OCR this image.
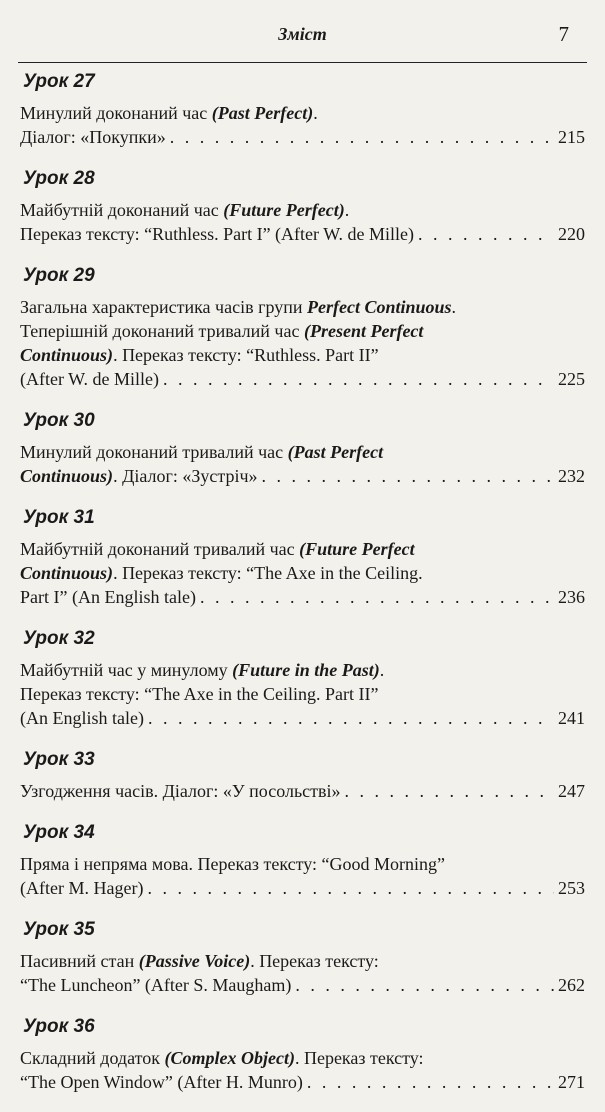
Зміст	7
Урок 27
Минулий доконаний час (Past Perfect).
Діалог: «Покупки» . . .	215
Урок 28
Майбутній доконаний час (Future Perfect).
Переказ тексту: “Ruthless. Part I” (After W. de Mille) . . .	220
Урок 29
Загальна характеристика часів групи Perfect Continuous.
Теперішній доконаний тривалий час (Present Perfect
Continuous). Переказ тексту: “Ruthless. Part II”
(After W. de Mille) . . .	225
Урок 30
Минулий доконаний тривалий час (Past Perfect
Continuous). Діалог: «Зустріч» . . .	232
Урок 31
Майбутній доконаний тривалий час (Future Perfect
Continuous). Переказ тексту: “The Axe in the Ceiling.
Part I” (An English tale) . . .	236
Урок 32
Майбутній час у минулому (Future in the Past).
Переказ тексту: “The Axe in the Ceiling. Part II”
(An English tale) . . .	241
Урок 33
Узгодження часів. Діалог: «У посольстві» . . .	247
Урок 34
Пряма і непряма мова. Переказ тексту: “Good Morning”
(After M. Hager) . . .	253
Урок 35
Пасивний стан (Passive Voice). Переказ тексту:
“The Luncheon” (After S. Maugham) . . .	262
Урок 36
Складний додаток (Complex Object). Переказ тексту:
“The Open Window” (After H. Munro) . . .	271
